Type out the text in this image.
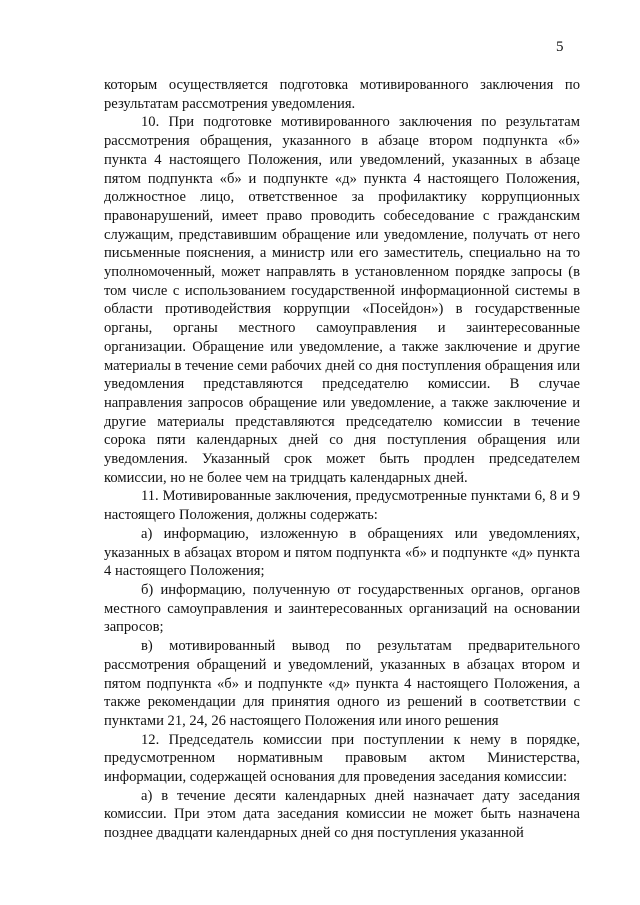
5

которым осуществляется подготовка мотивированного заключения по результатам рассмотрения уведомления.

10. При подготовке мотивированного заключения по результатам рассмотрения обращения, указанного в абзаце втором подпункта «б» пункта 4 настоящего Положения, или уведомлений, указанных в абзаце пятом подпункта «б» и подпункте «д» пункта 4 настоящего Положения, должностное лицо, ответственное за профилактику коррупционных правонарушений, имеет право проводить собеседование с гражданским служащим, представившим обращение или уведомление, получать от него письменные пояснения, а министр или его заместитель, специально на то уполномоченный, может направлять в установленном порядке запросы (в том числе с использованием государственной информационной системы в области противодействия коррупции «Посейдон») в государственные органы, органы местного самоуправления и заинтересованные организации. Обращение или уведомление, а также заключение и другие материалы в течение семи рабочих дней со дня поступления обращения или уведомления представляются председателю комиссии. В случае направления запросов обращение или уведомление, а также заключение и другие материалы представляются председателю комиссии в течение сорока пяти календарных дней со дня поступления обращения или уведомления. Указанный срок может быть продлен председателем комиссии, но не более чем на тридцать календарных дней.

11. Мотивированные заключения, предусмотренные пунктами 6, 8 и 9 настоящего Положения, должны содержать:

а) информацию, изложенную в обращениях или уведомлениях, указанных в абзацах втором и пятом подпункта «б» и подпункте «д» пункта 4 настоящего Положения;

б) информацию, полученную от государственных органов, органов местного самоуправления и заинтересованных организаций на основании запросов;

в) мотивированный вывод по результатам предварительного рассмотрения обращений и уведомлений, указанных в абзацах втором и пятом подпункта «б» и подпункте «д» пункта 4 настоящего Положения, а также рекомендации для принятия одного из решений в соответствии с пунктами 21, 24, 26 настоящего Положения или иного решения

12. Председатель комиссии при поступлении к нему в порядке, предусмотренном нормативным правовым актом Министерства, информации, содержащей основания для проведения заседания комиссии:

а) в течение десяти календарных дней назначает дату заседания комиссии. При этом дата заседания комиссии не может быть назначена позднее двадцати календарных дней со дня поступления указанной
